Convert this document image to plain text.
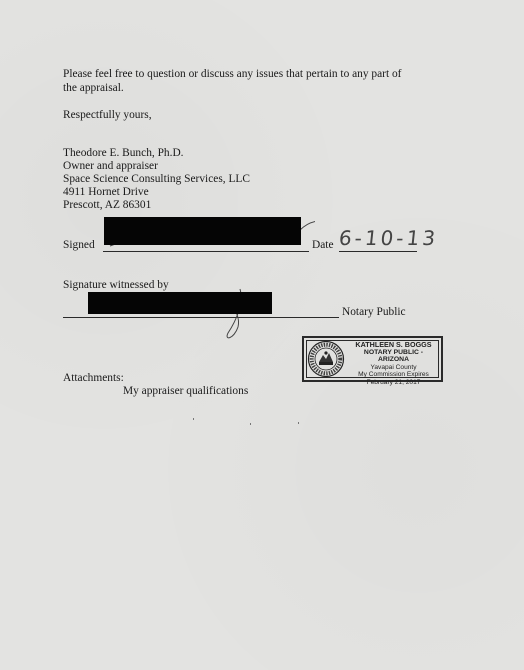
Please feel free to question or discuss any issues that pertain to any part of
the appraisal.
Respectfully yours,
Theodore E. Bunch, Ph.D.
Owner and appraiser
Space Science Consulting Services, LLC
4911 Hornet Drive
Prescott, AZ 86301
Signed	Date 6-10-13
Signature witnessed by
Notary Public
KATHLEEN S. BOGGS
NOTARY PUBLIC - ARIZONA
Yavapai County
My Commission Expires
February 21, 2017
Attachments:
My appraiser qualifications
